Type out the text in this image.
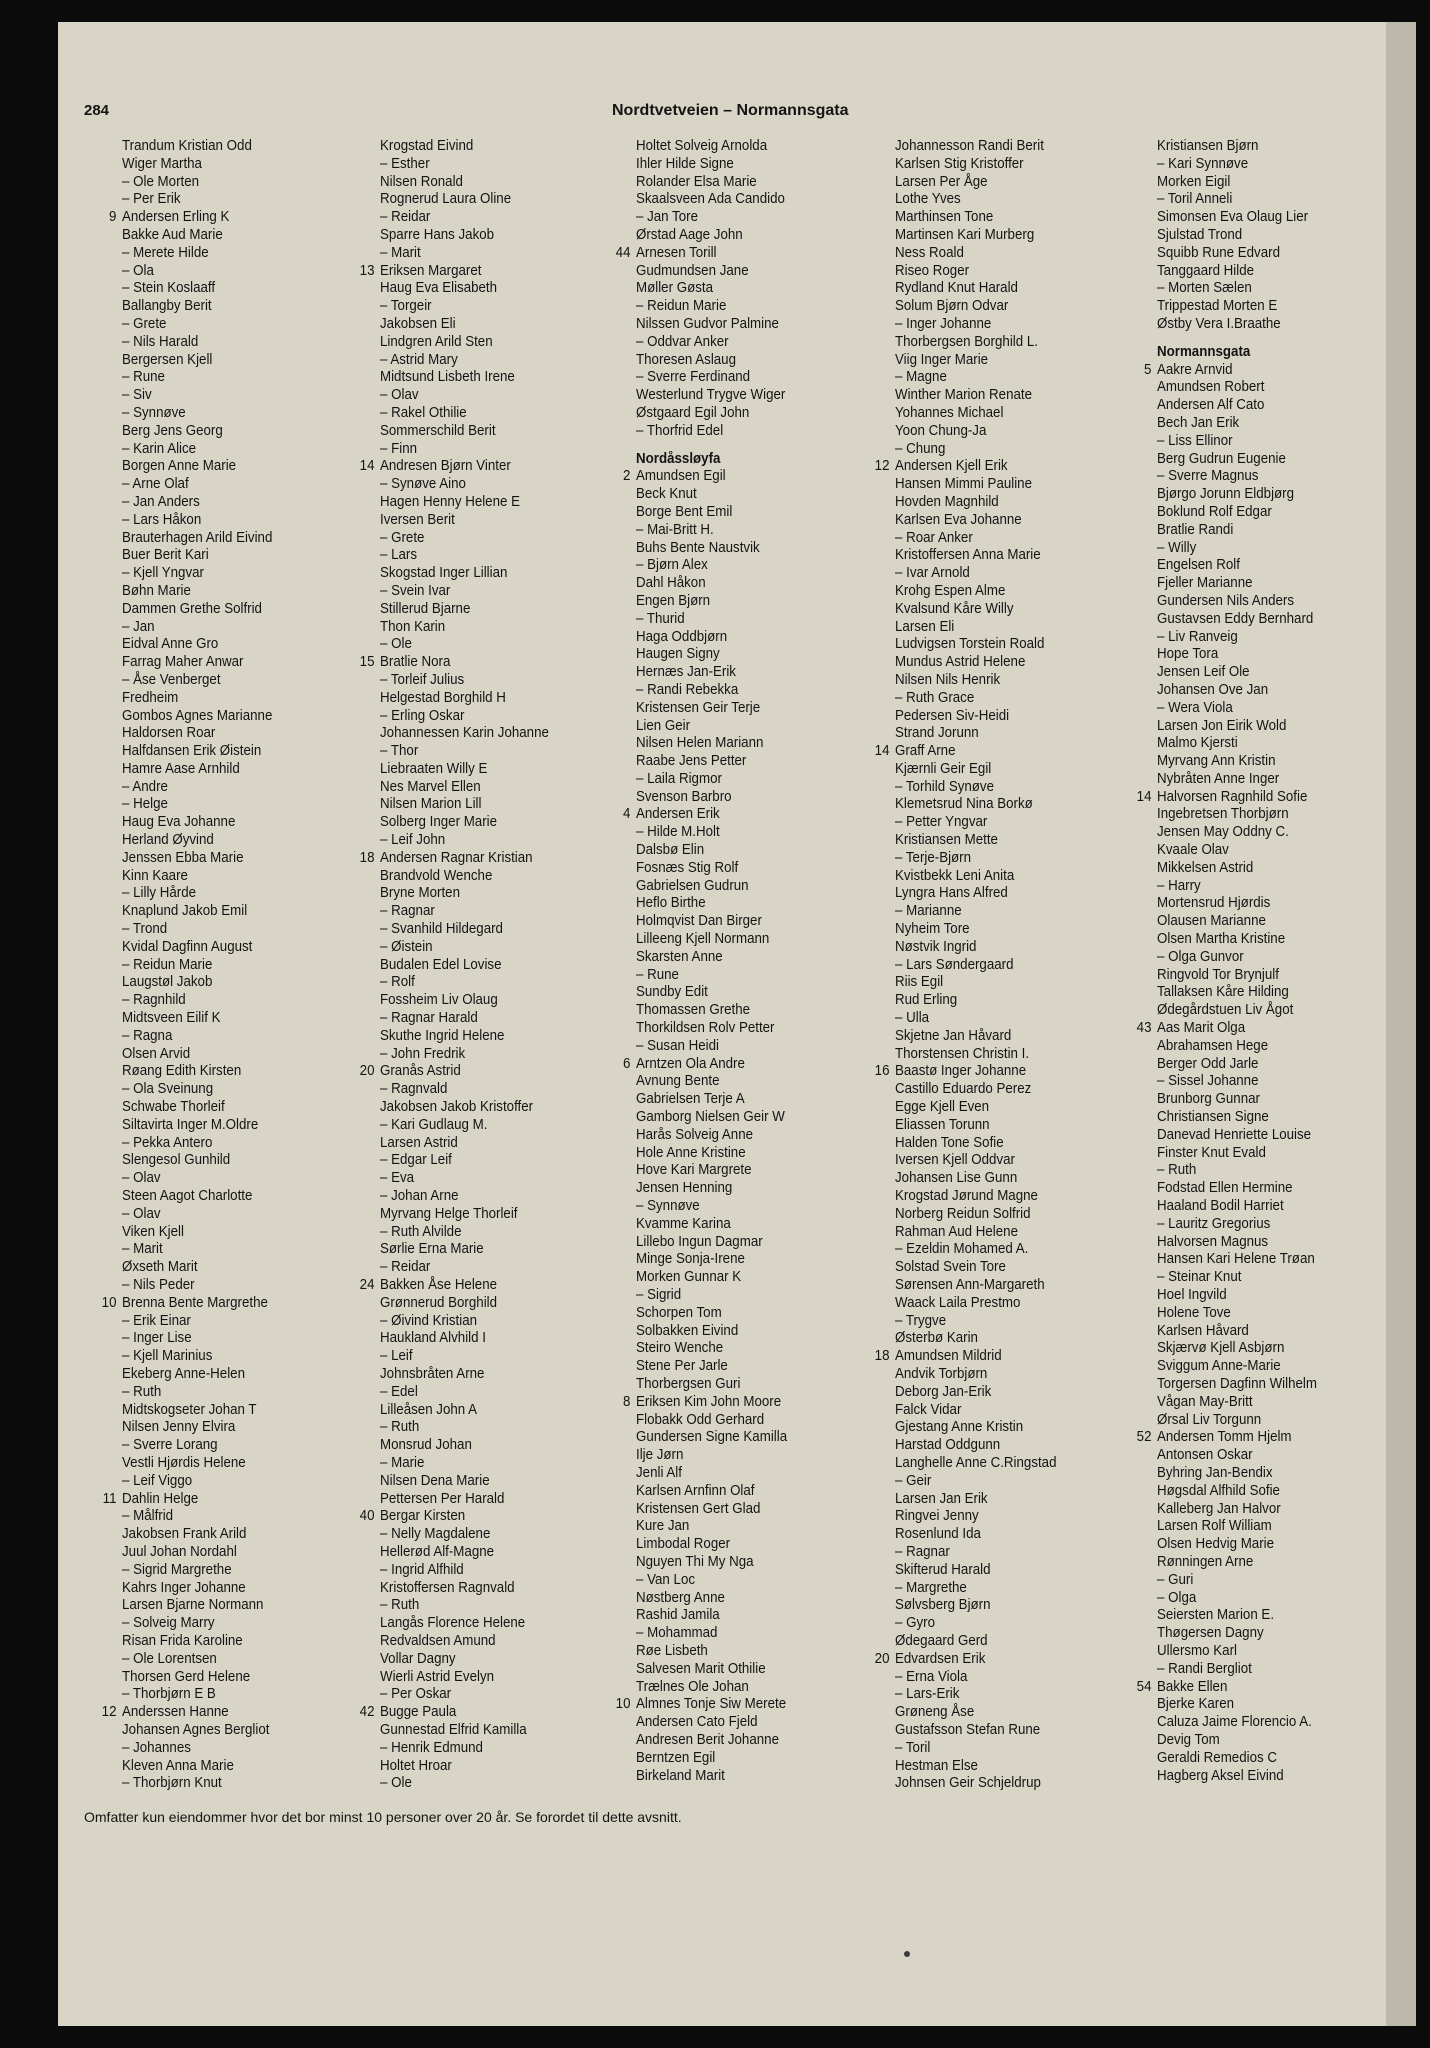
284	Nordtvetveien – Normannsgata
Trandum Kristian Odd
Wiger Martha
– Ole Morten
– Per Erik
9 Andersen Erling K
Bakke Aud Marie
– Merete Hilde
– Ola
– Stein Koslaaff
Ballangby Berit
– Grete
– Nils Harald
Bergersen Kjell
– Rune
– Siv
– Synnøve
Berg Jens Georg
– Karin Alice
Borgen Anne Marie
– Arne Olaf
– Jan Anders
– Lars Håkon
Brauterhagen Arild Eivind
Buer Berit Kari
– Kjell Yngvar
Bøhn Marie
Dammen Grethe Solfrid
– Jan
Eidval Anne Gro
Farrag Maher Anwar
– Åse Venberget
Fredheim
Gombos Agnes Marianne
Haldorsen Roar
Halfdansen Erik Øistein
Hamre Aase Arnhild
– Andre
– Helge
Haug Eva Johanne
Herland Øyvind
Jenssen Ebba Marie
Kinn Kaare
– Lilly Hårde
Knaplund Jakob Emil
– Trond
Kvidal Dagfinn August
– Reidun Marie
Laugstøl Jakob
– Ragnhild
Midtsveen Eilif K
– Ragna
Olsen Arvid
Røang Edith Kirsten
– Ola Sveinung
Schwabe Thorleif
Siltavirta Inger M.Oldre
– Pekka Antero
Slengesol Gunhild
– Olav
Steen Aagot Charlotte
– Olav
Viken Kjell
– Marit
Øxseth Marit
– Nils Peder
10 Brenna Bente Margrethe
– Erik Einar
– Inger Lise
– Kjell Marinius
Ekeberg Anne-Helen
– Ruth
Midtskogseter Johan T
Nilsen Jenny Elvira
– Sverre Lorang
Vestli Hjørdis Helene
– Leif Viggo
11 Dahlin Helge
– Målfrid
Jakobsen Frank Arild
Juul Johan Nordahl
– Sigrid Margrethe
Kahrs Inger Johanne
Larsen Bjarne Normann
– Solveig Marry
Risan Frida Karoline
– Ole Lorentsen
Thorsen Gerd Helene
– Thorbjørn E B
12 Anderssen Hanne
Johansen Agnes Bergliot
– Johannes
Kleven Anna Marie
– Thorbjørn Knut
Krogstad Eivind
– Esther
Nilsen Ronald
Rognerud Laura Oline
– Reidar
Sparre Hans Jakob
– Marit
13 Eriksen Margaret
Haug Eva Elisabeth
– Torgeir
Jakobsen Eli
Lindgren Arild Sten
– Astrid Mary
Midtsund Lisbeth Irene
– Olav
– Rakel Othilie
Sommerschild Berit
– Finn
14 Andresen Bjørn Vinter
– Synøve Aino
Hagen Henny Helene E
Iversen Berit
– Grete
– Lars
Skogstad Inger Lillian
– Svein Ivar
Stillerud Bjarne
Thon Karin
– Ole
15 Bratlie Nora
– Torleif Julius
Helgestad Borghild H
– Erling Oskar
Johannessen Karin Johanne
– Thor
Liebraaten Willy E
Nes Marvel Ellen
Nilsen Marion Lill
Solberg Inger Marie
– Leif John
18 Andersen Ragnar Kristian
Brandvold Wenche
Bryne Morten
– Ragnar
– Svanhild Hildegard
– Øistein
Budalen Edel Lovise
– Rolf
Fossheim Liv Olaug
– Ragnar Harald
Skuthe Ingrid Helene
– John Fredrik
20 Granås Astrid
– Ragnvald
Jakobsen Jakob Kristoffer
– Kari Gudlaug M.
Larsen Astrid
– Edgar Leif
– Eva
– Johan Arne
Myrvang Helge Thorleif
– Ruth Alvilde
Sørlie Erna Marie
– Reidar
24 Bakken Åse Helene
Grønnerud Borghild
– Øivind Kristian
Haukland Alvhild I
– Leif
Johnsbråten Arne
– Edel
Lilleåsen John A
– Ruth
Monsrud Johan
– Marie
Nilsen Dena Marie
Pettersen Per Harald
40 Bergar Kirsten
– Nelly Magdalene
Hellerød Alf-Magne
– Ingrid Alfhild
Kristoffersen Ragnvald
– Ruth
Langås Florence Helene
Redvaldsen Amund
Vollar Dagny
Wierli Astrid Evelyn
– Per Oskar
42 Bugge Paula
Gunnestad Elfrid Kamilla
– Henrik Edmund
Holtet Hroar
– Ole
Holtet Solveig Arnolda
Ihler Hilde Signe
Rolander Elsa Marie
Skaalsveen Ada Candido
– Jan Tore
Ørstad Aage John
44 Arnesen Torill
Gudmundsen Jane
Møller Gøsta
– Reidun Marie
Nilssen Gudvor Palmine
– Oddvar Anker
Thoresen Aslaug
– Sverre Ferdinand
Westerlund Trygve Wiger
Østgaard Egil John
– Thorfrid Edel
Nordåssløyfa
2 Amundsen Egil
Beck Knut
Borge Bent Emil
– Mai-Britt H.
Buhs Bente Naustvik
– Bjørn Alex
Dahl Håkon
Engen Bjørn
– Thurid
Haga Oddbjørn
Haugen Signy
Hernæs Jan-Erik
– Randi Rebekka
Kristensen Geir Terje
Lien Geir
Nilsen Helen Mariann
Raabe Jens Petter
– Laila Rigmor
Svenson Barbro
4 Andersen Erik
– Hilde M.Holt
Dalsbø Elin
Fosnæs Stig Rolf
Gabrielsen Gudrun
Heflo Birthe
Holmqvist Dan Birger
Lilleeng Kjell Normann
Skarsten Anne
– Rune
Sundby Edit
Thomassen Grethe
Thorkildsen Rolv Petter
– Susan Heidi
6 Arntzen Ola Andre
Avnung Bente
Gabrielsen Terje A
Gamborg Nielsen Geir W
Harås Solveig Anne
Hole Anne Kristine
Hove Kari Margrete
Jensen Henning
– Synnøve
Kvamme Karina
Lillebo Ingun Dagmar
Minge Sonja-Irene
Morken Gunnar K
– Sigrid
Schorpen Tom
Solbakken Eivind
Steiro Wenche
Stene Per Jarle
Thorbergsen Guri
8 Eriksen Kim John Moore
Flobakk Odd Gerhard
Gundersen Signe Kamilla
Ilje Jørn
Jenli Alf
Karlsen Arnfinn Olaf
Kristensen Gert Glad
Kure Jan
Limbodal Roger
Nguyen Thi My Nga
– Van Loc
Nøstberg Anne
Rashid Jamila
– Mohammad
Røe Lisbeth
Salvesen Marit Othilie
Trælnes Ole Johan
10 Almnes Tonje Siw Merete
Andersen Cato Fjeld
Andresen Berit Johanne
Berntzen Egil
Birkeland Marit
Johannesson Randi Berit
Karlsen Stig Kristoffer
Larsen Per Åge
Lothe Yves
Marthinsen Tone
Martinsen Kari Murberg
Ness Roald
Riseo Roger
Rydland Knut Harald
Solum Bjørn Odvar
– Inger Johanne
Thorbergsen Borghild L.
Viig Inger Marie
– Magne
Winther Marion Renate
Yohannes Michael
Yoon Chung-Ja
– Chung
12 Andersen Kjell Erik
Hansen Mimmi Pauline
Hovden Magnhild
Karlsen Eva Johanne
– Roar Anker
Kristoffersen Anna Marie
– Ivar Arnold
Krohg Espen Alme
Kvalsund Kåre Willy
Larsen Eli
Ludvigsen Torstein Roald
Mundus Astrid Helene
Nilsen Nils Henrik
– Ruth Grace
Pedersen Siv-Heidi
Strand Jorunn
14 Graff Arne
Kjærnli Geir Egil
– Torhild Synøve
Klemetsrud Nina Borkø
– Petter Yngvar
Kristiansen Mette
– Terje-Bjørn
Kvistbekk Leni Anita
Lyngra Hans Alfred
– Marianne
Nyheim Tore
Nøstvik Ingrid
– Lars Søndergaard
Riis Egil
Rud Erling
– Ulla
Skjetne Jan Håvard
Thorstensen Christin I.
16 Baastø Inger Johanne
Castillo Eduardo Perez
Egge Kjell Even
Eliassen Torunn
Halden Tone Sofie
Iversen Kjell Oddvar
Johansen Lise Gunn
Krogstad Jørund Magne
Norberg Reidun Solfrid
Rahman Aud Helene
– Ezeldin Mohamed A.
Solstad Svein Tore
Sørensen Ann-Margareth
Waack Laila Prestmo
– Trygve
Østerbø Karin
18 Amundsen Mildrid
Andvik Torbjørn
Deborg Jan-Erik
Falck Vidar
Gjestang Anne Kristin
Harstad Oddgunn
Langhelle Anne C.Ringstad
– Geir
Larsen Jan Erik
Ringvei Jenny
Rosenlund Ida
– Ragnar
Skifterud Harald
– Margrethe
Sølvsberg Bjørn
– Gyro
Ødegaard Gerd
20 Edvardsen Erik
– Erna Viola
– Lars-Erik
Grøneng Åse
Gustafsson Stefan Rune
– Toril
Hestman Else
Johnsen Geir Schjeldrup
Kristiansen Bjørn
– Kari Synnøve
Morken Eigil
– Toril Anneli
Simonsen Eva Olaug Lier
Sjulstad Trond
Squibb Rune Edvard
Tanggaard Hilde
– Morten Sælen
Trippestad Morten E
Østby Vera I.Braathe
Normannsgata
5 Aakre Arnvid
Amundsen Robert
Andersen Alf Cato
Bech Jan Erik
– Liss Ellinor
Berg Gudrun Eugenie
– Sverre Magnus
Bjørgo Jorunn Eldbjørg
Boklund Rolf Edgar
Bratlie Randi
– Willy
Engelsen Rolf
Fjeller Marianne
Gundersen Nils Anders
Gustavsen Eddy Bernhard
– Liv Ranveig
Hope Tora
Jensen Leif Ole
Johansen Ove Jan
– Wera Viola
Larsen Jon Eirik Wold
Malmo Kjersti
Myrvang Ann Kristin
Nybråten Anne Inger
14 Halvorsen Ragnhild Sofie
Ingebretsen Thorbjørn
Jensen May Oddny C.
Kvaale Olav
Mikkelsen Astrid
– Harry
Mortensrud Hjørdis
Olausen Marianne
Olsen Martha Kristine
– Olga Gunvor
Ringvold Tor Brynjulf
Tallaksen Kåre Hilding
Ødegårdstuen Liv Ågot
43 Aas Marit Olga
Abrahamsen Hege
Berger Odd Jarle
– Sissel Johanne
Brunborg Gunnar
Christiansen Signe
Danevad Henriette Louise
Finster Knut Evald
– Ruth
Fodstad Ellen Hermine
Haaland Bodil Harriet
– Lauritz Gregorius
Halvorsen Magnus
Hansen Kari Helene Trøan
– Steinar Knut
Hoel Ingvild
Holene Tove
Karlsen Håvard
Skjærvø Kjell Asbjørn
Sviggum Anne-Marie
Torgersen Dagfinn Wilhelm
Vågan May-Britt
Ørsal Liv Torgunn
52 Andersen Tomm Hjelm
Antonsen Oskar
Byhring Jan-Bendix
Høgsdal Alfhild Sofie
Kalleberg Jan Halvor
Larsen Rolf William
Olsen Hedvig Marie
Rønningen Arne
– Guri
– Olga
Seiersten Marion E.
Thøgersen Dagny
Ullersmo Karl
– Randi Bergliot
54 Bakke Ellen
Bjerke Karen
Caluza Jaime Florencio A.
Devig Tom
Geraldi Remedios C
Hagberg Aksel Eivind
Omfatter kun eiendommer hvor det bor minst 10 personer over 20 år. Se forordet til dette avsnitt.
